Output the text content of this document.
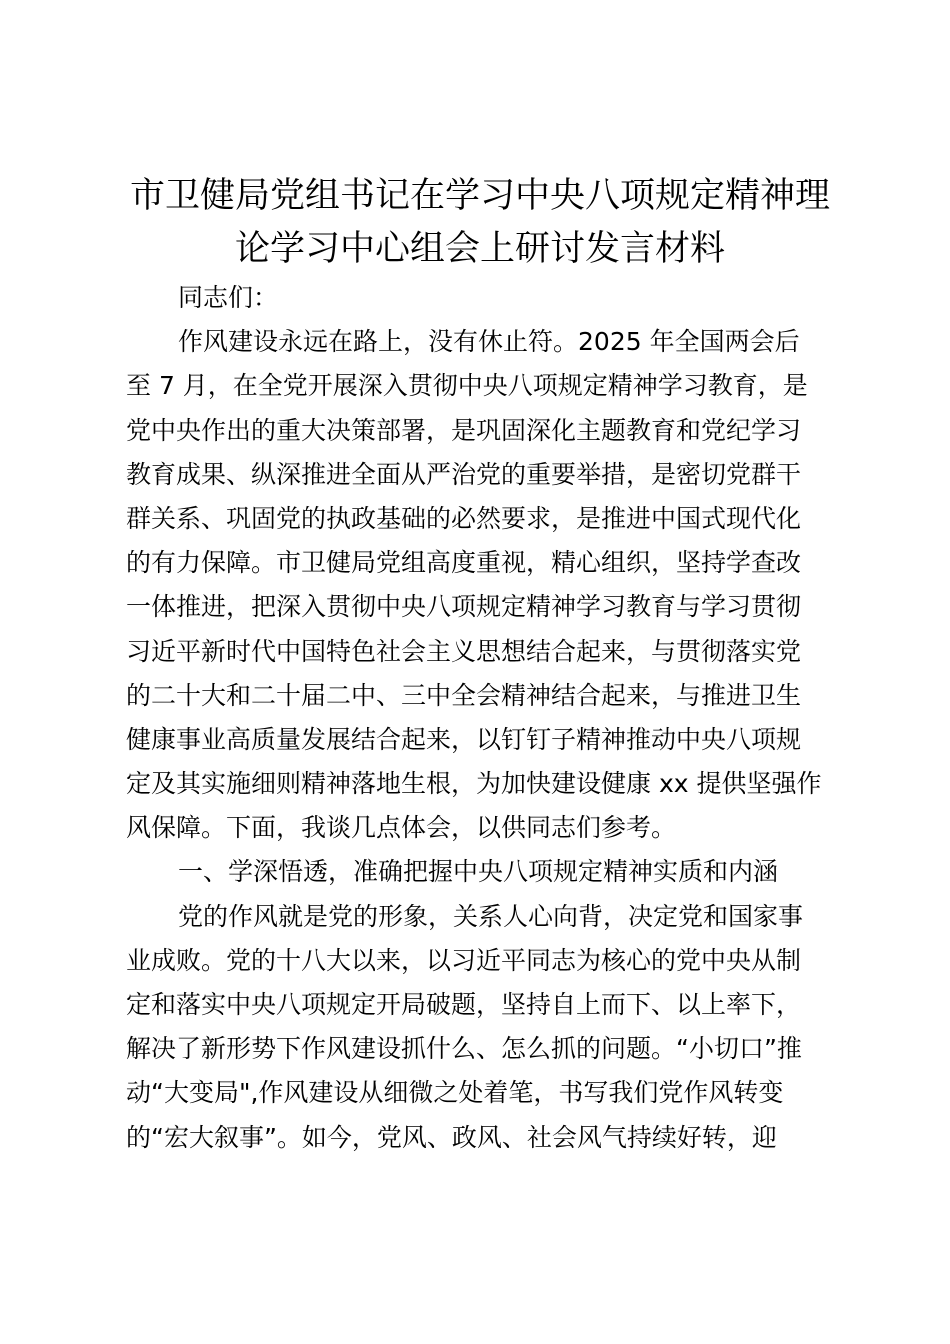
市卫健局党组书记在学习中央八项规定精神理
论学习中心组会上研讨发言材料
同志们：
作风建设永远在路上，没有休止符。2025 年全国两会后
至 7 月，在全党开展深入贯彻中央八项规定精神学习教育，是
党中央作出的重大决策部署，是巩固深化主题教育和党纪学习
教育成果、纵深推进全面从严治党的重要举措，是密切党群干
群关系、巩固党的执政基础的必然要求，是推进中国式现代化
的有力保障。市卫健局党组高度重视，精心组织，坚持学查改
一体推进，把深入贯彻中央八项规定精神学习教育与学习贯彻
习近平新时代中国特色社会主义思想结合起来，与贯彻落实党
的二十大和二十届二中、三中全会精神结合起来，与推进卫生
健康事业高质量发展结合起来，以钉钉子精神推动中央八项规
定及其实施细则精神落地生根，为加快建设健康 xx 提供坚强作
风保障。下面，我谈几点体会，以供同志们参考。
一、学深悟透，准确把握中央八项规定精神实质和内涵
党的作风就是党的形象，关系人心向背，决定党和国家事
业成败。党的十八大以来，以习近平同志为核心的党中央从制
定和落实中央八项规定开局破题，坚持自上而下、以上率下，
解决了新形势下作风建设抓什么、怎么抓的问题。“小切口”推
动“大变局",作风建设从细微之处着笔，书写我们党作风转变
的“宏大叙事”。如今，党风、政风、社会风气持续好转，迎
